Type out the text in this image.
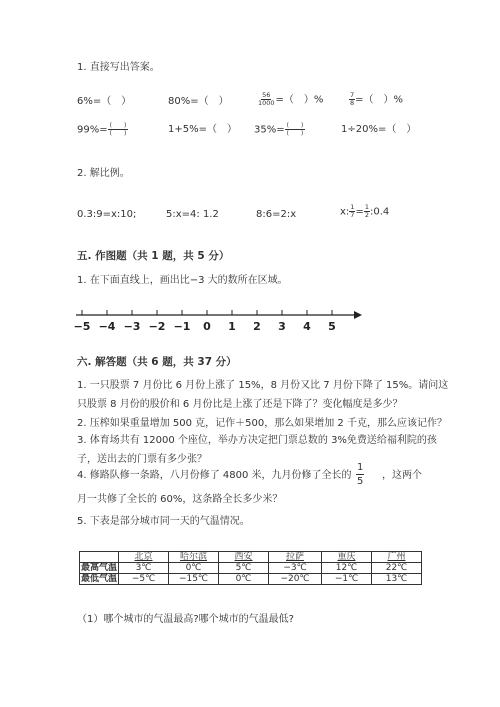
1. 直接写出答案。
6%=（　）	80%=（　）	$\frac{56}{1000}$ =（　）%	$\frac{7}{8}$ =（　）%
$99\%= \frac{( )}{( )}$	1+5%=（　） $35\%= \frac{( )}{( )}$	1÷20%=（　）
2. 解比例。
0.3:9=x:10;	5:x=4: 1.2	8:6=2:x	x: $\frac{1}{7} = \frac{1}{2}$ :0.4
五. 作图题（共 1 题，共 5 分）
1. 在下面直线上，画出比−3 大的数所在区域。
−5 −4 −3 −2 −1 0 1 2 3 4 5
六. 解答题（共 6 题，共 37 分）
1. 一只股票 7 月份比 6 月份上涨了 15%，8 月份又比 7 月份下降了 15%。请问这
只股票 8 月份的股价和 6 月份比是上涨了还是下降了？变化幅度是多少？
2. 压榨如果重量增加 500 克，记作＋500，那么如果增加 2 千克，那么应该记作？
3. 体育场共有 12000 个座位，举办方决定把门票总数的 3%免费送给福利院的孩
子，送出去的门票有多少张？
4. 修路队修一条路，八月份修了 4800 米，九月份修了全长的 $\frac{1}{5}$ ，这两个
月一共修了全长的 60%，这条路全长多少米？
5. 下表是部分城市同一天的气温情况。
	北京	哈尔滨	西安	拉萨	重庆	广州
最高气温	3℃	0℃	5℃	−3℃	12℃	22℃
最低气温	−5℃	−15℃	0℃	−20℃	−1℃	13℃
（1）哪个城市的气温最高?哪个城市的气温最低?
